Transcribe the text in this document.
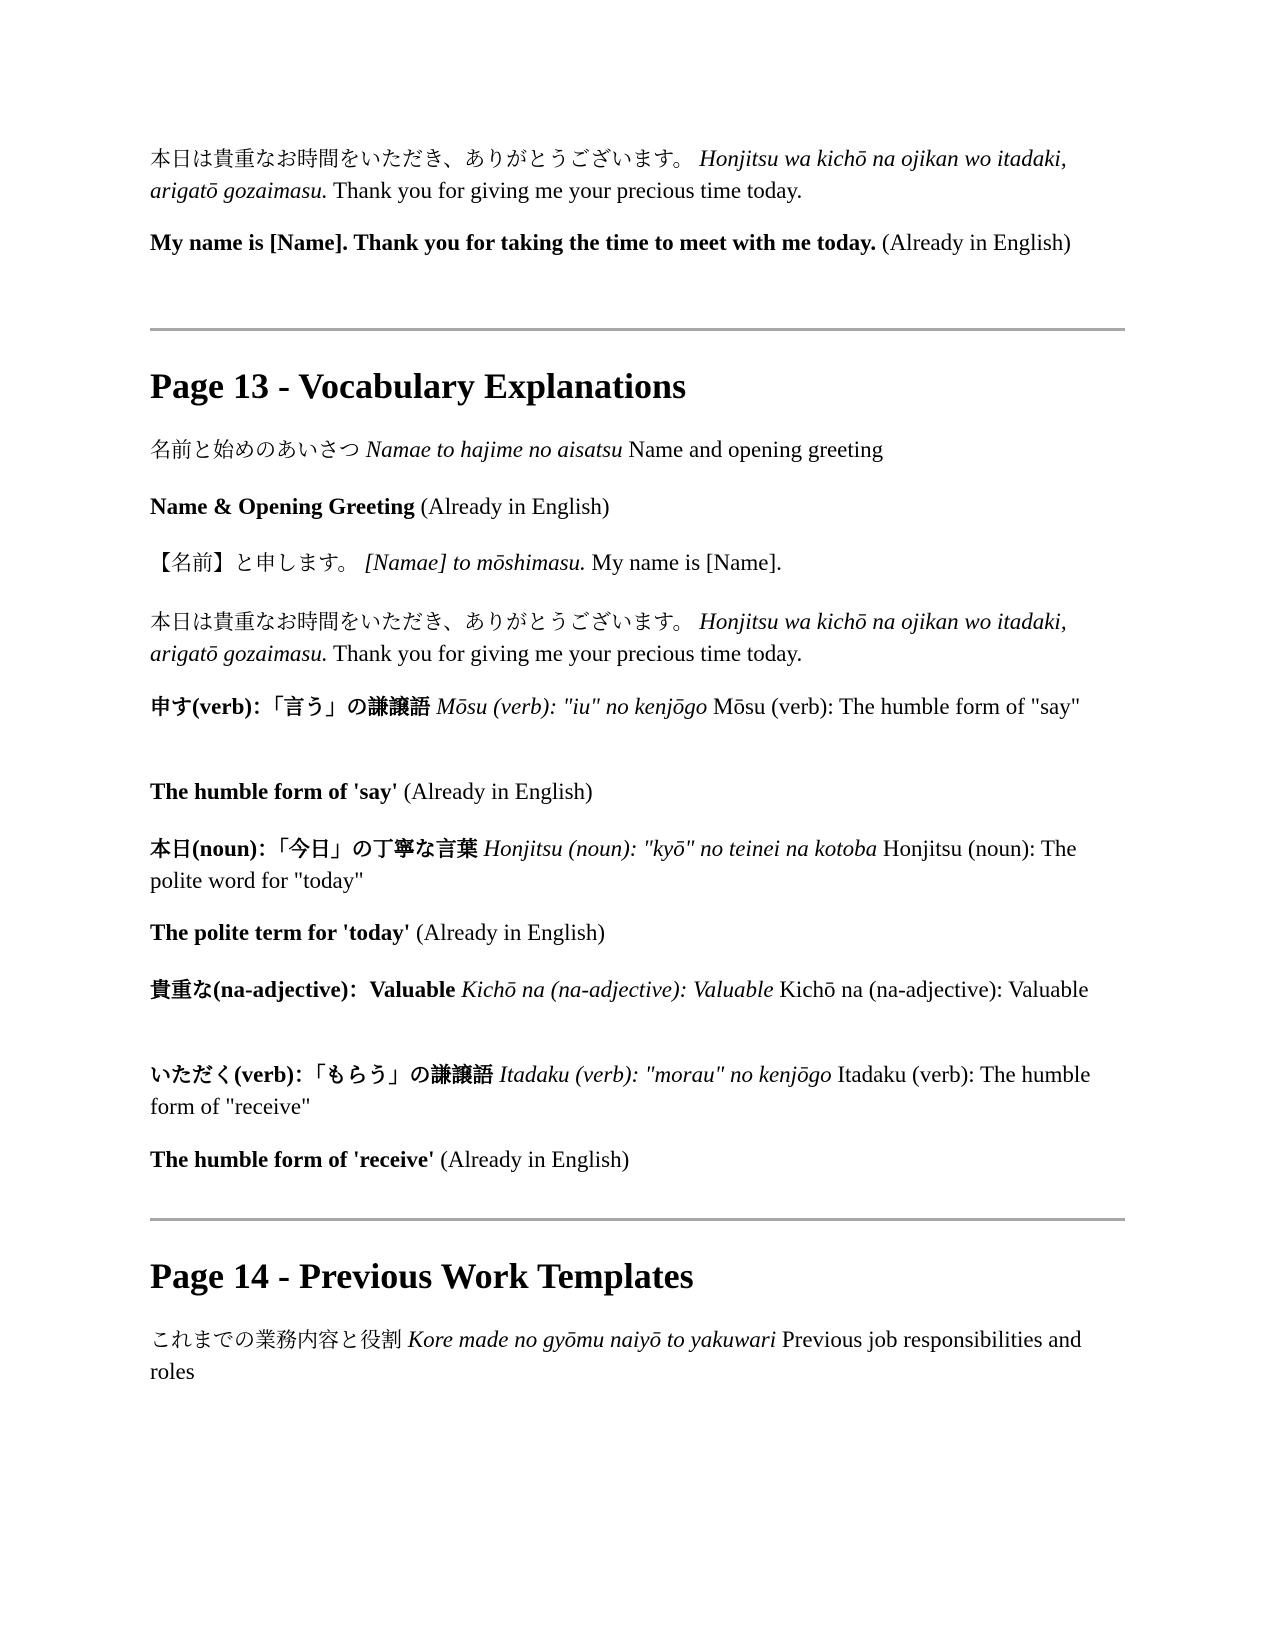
本日は貴重なお時間をいただき、ありがとうございます。 Honjitsu wa kichō na ojikan wo itadaki, arigatō gozaimasu. Thank you for giving me your precious time today.

My name is [Name]. Thank you for taking the time to meet with me today. (Already in English)

Page 13 - Vocabulary Explanations

名前と始めのあいさつ Namae to hajime no aisatsu Name and opening greeting

Name & Opening Greeting (Already in English)

【名前】と申します。 [Namae] to mōshimasu. My name is [Name].

本日は貴重なお時間をいただき、ありがとうございます。 Honjitsu wa kichō na ojikan wo itadaki, arigatō gozaimasu. Thank you for giving me your precious time today.

申す(verb)：「言う」の謙譲語 Mōsu (verb): "iu" no kenjōgo Mōsu (verb): The humble form of "say"

The humble form of 'say' (Already in English)

本日(noun)：「今日」の丁寧な言葉 Honjitsu (noun): "kyō" no teinei na kotoba Honjitsu (noun): The polite word for "today"

The polite term for 'today' (Already in English)

貴重な(na-adjective)：Valuable Kichō na (na-adjective): Valuable Kichō na (na-adjective): Valuable

いただく(verb)：「もらう」の謙譲語 Itadaku (verb): "morau" no kenjōgo Itadaku (verb): The humble form of "receive"

The humble form of 'receive' (Already in English)

Page 14 - Previous Work Templates

これまでの業務内容と役割 Kore made no gyōmu naiyō to yakuwari Previous job responsibilities and roles
